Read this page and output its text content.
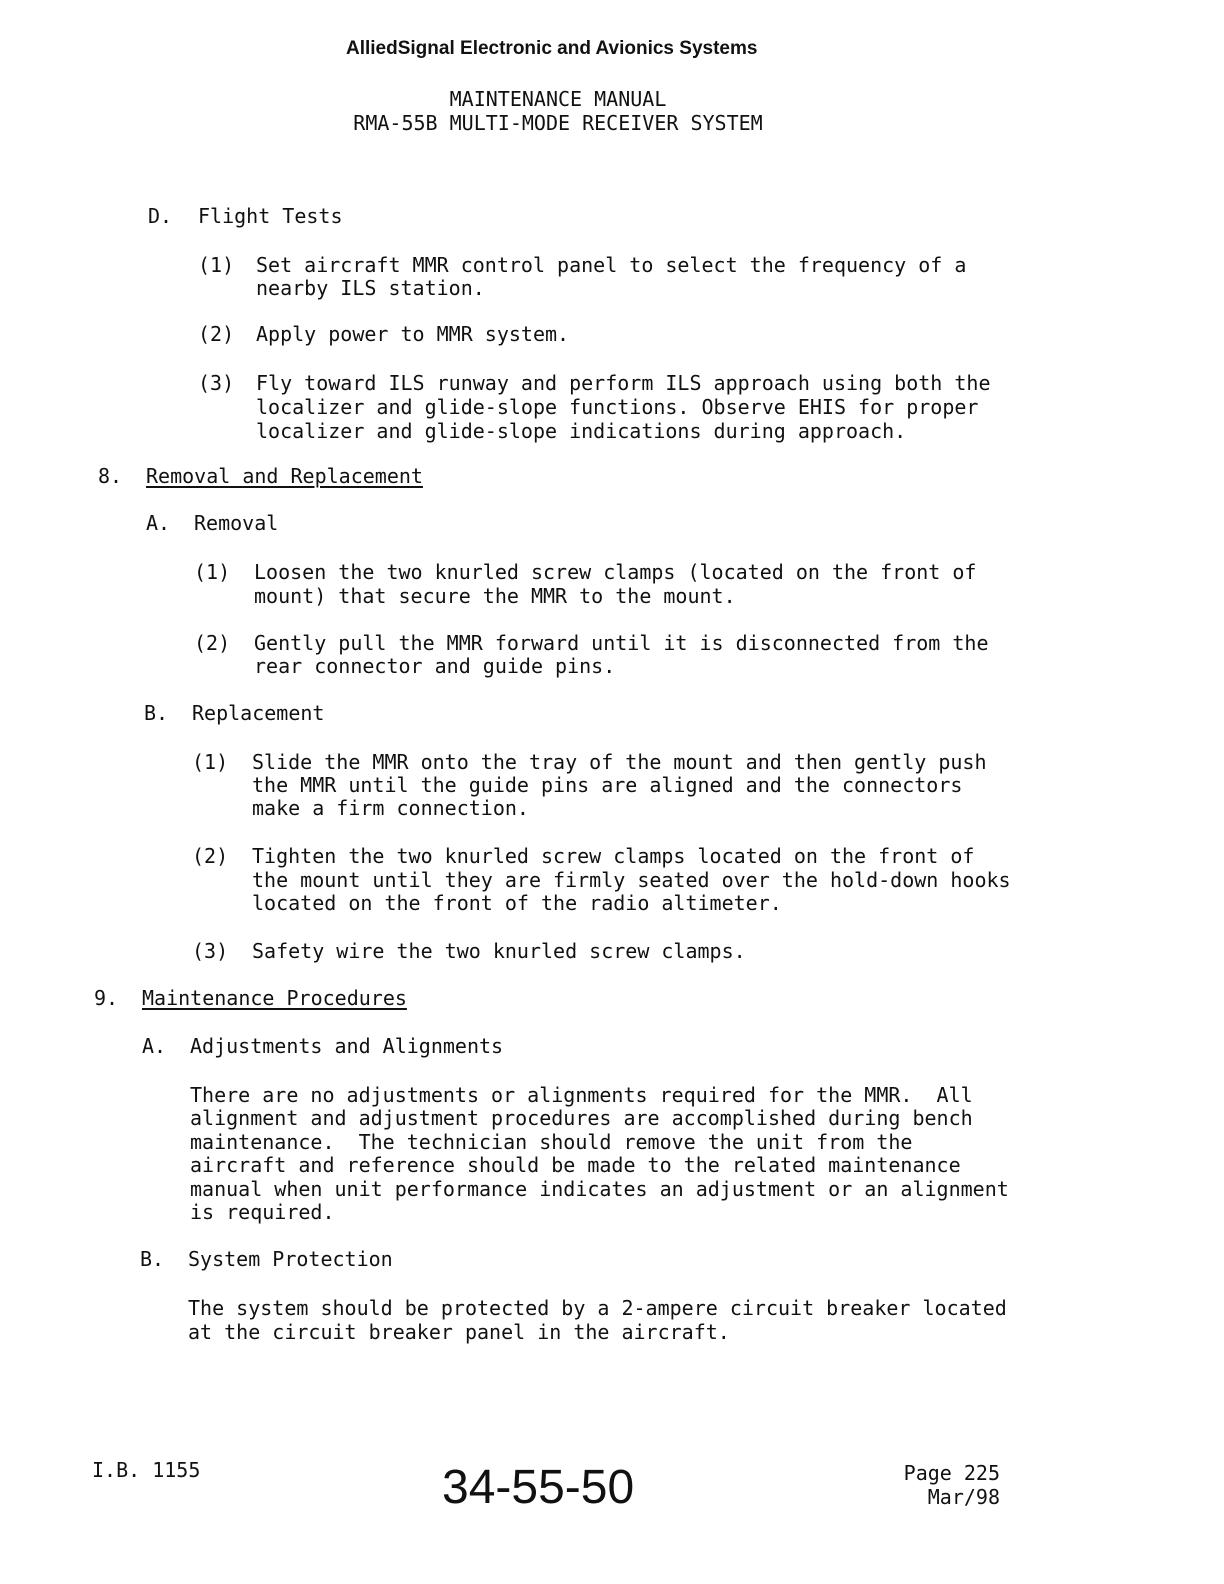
AlliedSignal Electronic and Avionics Systems
MAINTENANCE MANUAL
RMA-55B MULTI-MODE RECEIVER SYSTEM
D. Flight Tests
(1) Set aircraft MMR control panel to select the frequency of a
nearby ILS station.
(2) Apply power to MMR system.
(3) Fly toward ILS runway and perform ILS approach using both the
localizer and glide-slope functions. Observe EHIS for proper
localizer and glide-slope indications during approach.
8. Removal and Replacement
A. Removal
(1) Loosen the two knurled screw clamps (located on the front of
mount) that secure the MMR to the mount.
(2) Gently pull the MMR forward until it is disconnected from the
rear connector and guide pins.
B. Replacement
(1) Slide the MMR onto the tray of the mount and then gently push
the MMR until the guide pins are aligned and the connectors
make a firm connection.
(2) Tighten the two knurled screw clamps located on the front of
the mount until they are firmly seated over the hold-down hooks
located on the front of the radio altimeter.
(3) Safety wire the two knurled screw clamps.
9. Maintenance Procedures
A. Adjustments and Alignments
There are no adjustments or alignments required for the MMR.  All
alignment and adjustment procedures are accomplished during bench
maintenance.  The technician should remove the unit from the
aircraft and reference should be made to the related maintenance
manual when unit performance indicates an adjustment or an alignment
is required.
B. System Protection
The system should be protected by a 2-ampere circuit breaker located
at the circuit breaker panel in the aircraft.
I.B. 1155	34-55-50	Page 225
Mar/98
